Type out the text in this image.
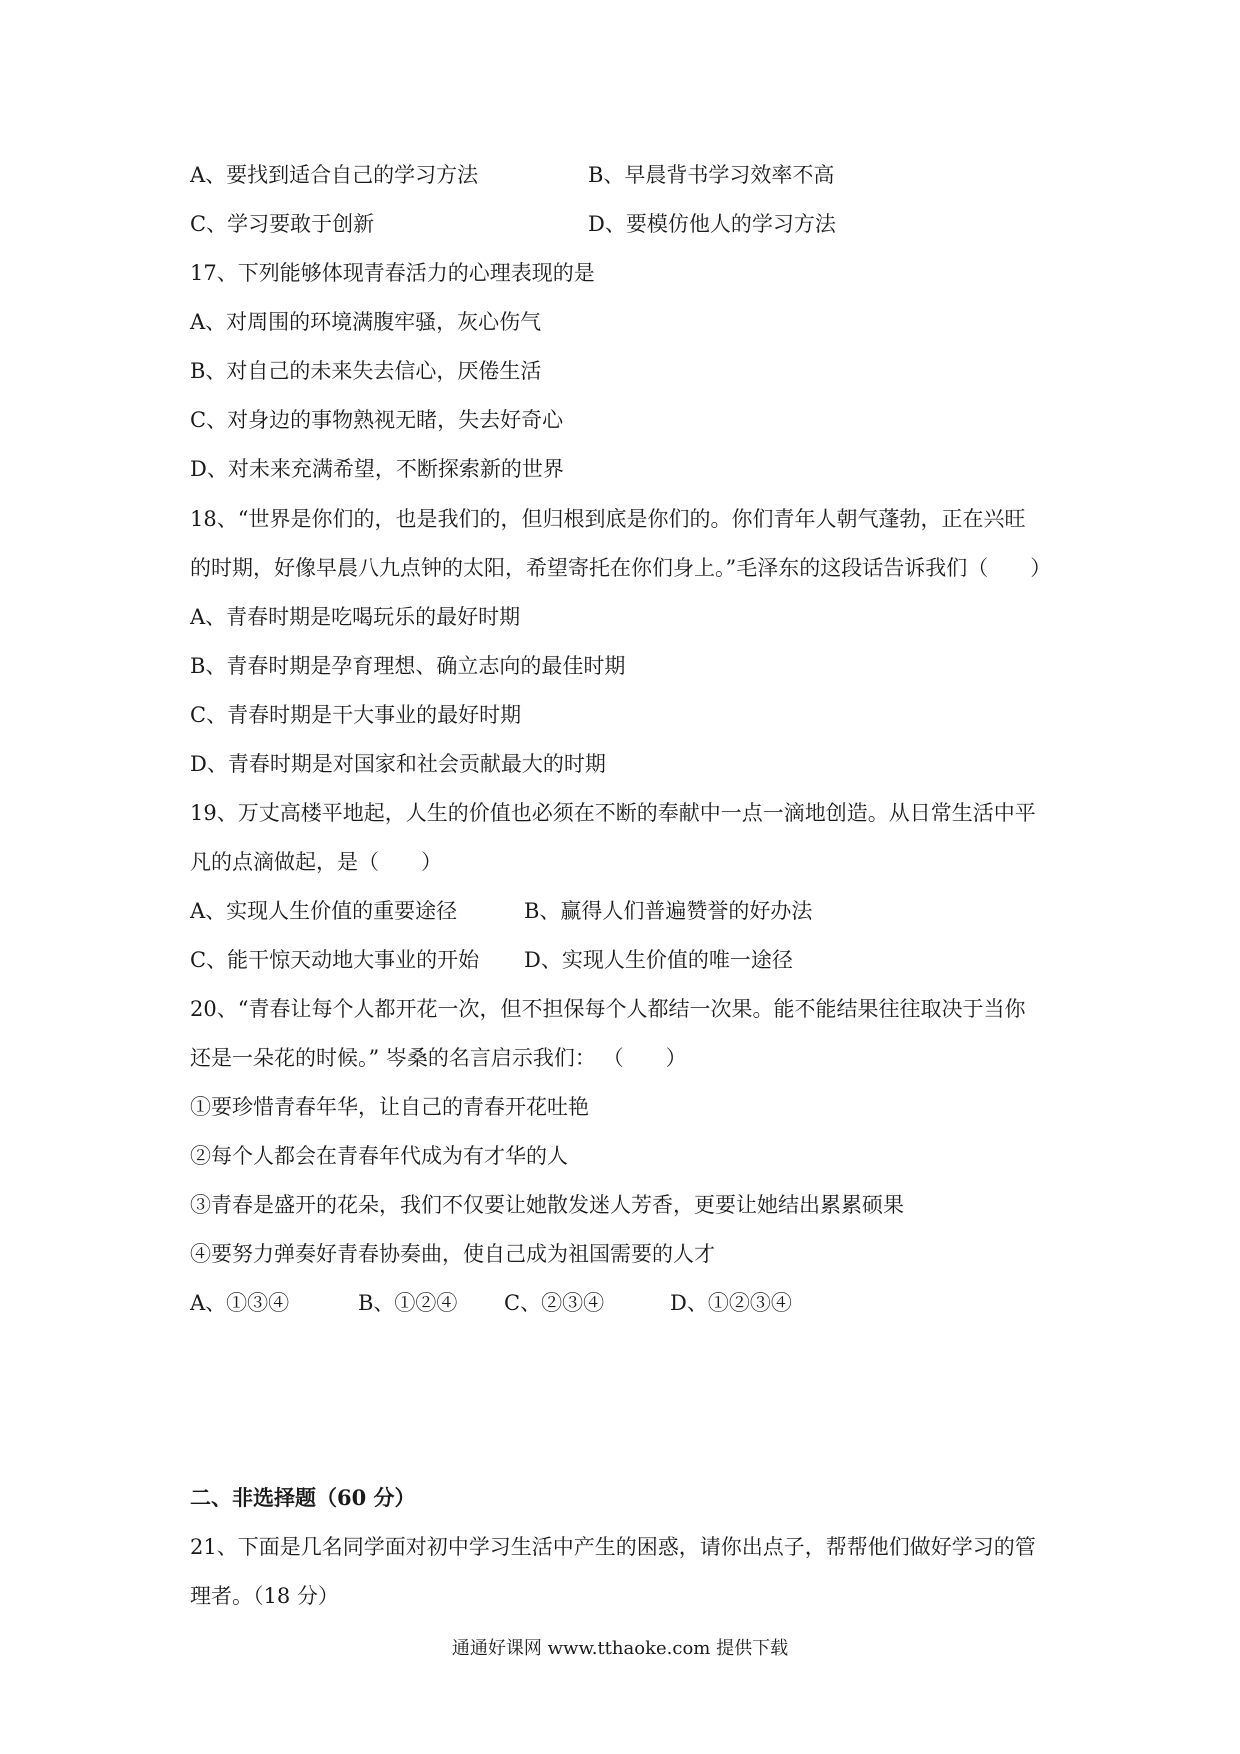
A、要找到适合自己的学习方法	B、早晨背书学习效率不高
C、学习要敢于创新	D、要模仿他人的学习方法
17、下列能够体现青春活力的心理表现的是
A、对周围的环境满腹牢骚，灰心伤气
B、对自己的未来失去信心，厌倦生活
C、对身边的事物熟视无睹，失去好奇心
D、对未来充满希望，不断探索新的世界
18、“世界是你们的，也是我们的，但归根到底是你们的。你们青年人朝气蓬勃，正在兴旺
的时期，好像早晨八九点钟的太阳，希望寄托在你们身上。”毛泽东的这段话告诉我们（　　）
A、青春时期是吃喝玩乐的最好时期
B、青春时期是孕育理想、确立志向的最佳时期
C、青春时期是干大事业的最好时期
D、青春时期是对国家和社会贡献最大的时期
19、万丈高楼平地起，人生的价值也必须在不断的奉献中一点一滴地创造。从日常生活中平
凡的点滴做起，是（　　）
A、实现人生价值的重要途径	B、赢得人们普遍赞誉的好办法
C、能干惊天动地大事业的开始 D、实现人生价值的唯一途径
20、“青春让每个人都开花一次，但不担保每个人都结一次果。能不能结果往往取决于当你
还是一朵花的时候。” 岑桑的名言启示我们： （　　）
①要珍惜青春年华，让自己的青春开花吐艳
②每个人都会在青春年代成为有才华的人
③青春是盛开的花朵，我们不仅要让她散发迷人芳香，更要让她结出累累硕果
④要努力弹奏好青春协奏曲，使自己成为祖国需要的人才
A、①③④	B、①②④ C、②③④	D、①②③④
二、非选择题（60 分）
21、下面是几名同学面对初中学习生活中产生的困惑，请你出点子，帮帮他们做好学习的管
理者。（18 分）
通通好课网 www.tthaoke.com 提供下载
